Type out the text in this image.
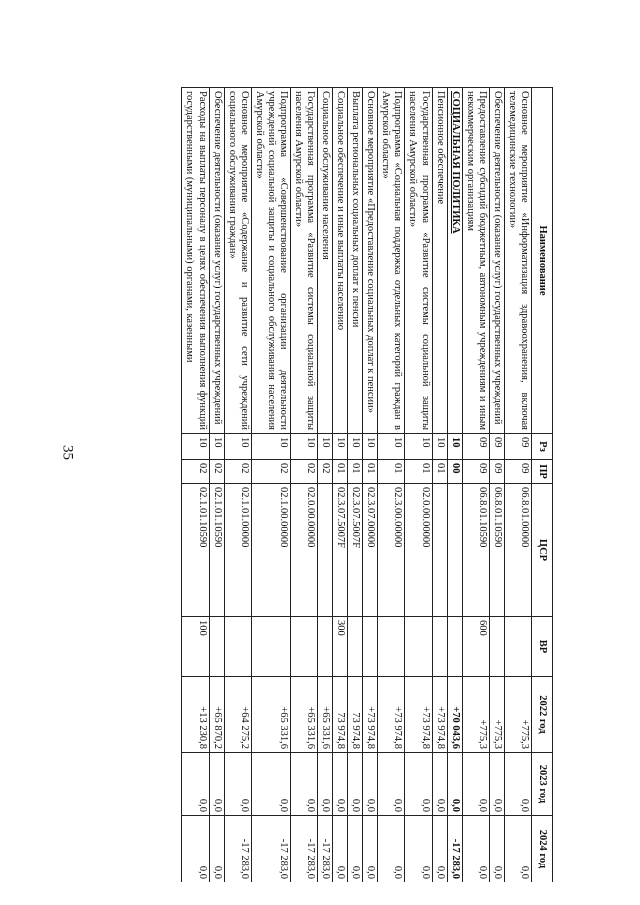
35
Наименование	Рз	ПР	ЦСР	ВР	2022 год	2023 год	2024 год
Основное мероприятие «Информатизация здравоохранения, включая телемедицинские технологии»	09	09	06.8.01.00000		+775,3	0,0	0,0
Обеспечение деятельности (оказание услуг) государственных учреждений	09	09	06.8.01.10590		+775,3	0,0	0,0
Предоставление субсидий бюджетным, автономным учреждениям и иным некоммерческим организациям	09	09	06.8.01.10590	600	+775,3	0,0	0,0
СОЦИАЛЬНАЯ ПОЛИТИКА	10	00			+70 043,6	0,0	-17 283,0
Пенсионное обеспечение	10	01			+73 974,8	0,0	0,0
Государственная программа «Развитие системы социальной защиты населения Амурской области»	10	01	02.0.00.00000		+73 974,8	0,0	0,0
Подпрограмма «Социальная поддержка отдельных категорий граждан в Амурской области»	10	01	02.3.00.00000		+73 974,8	0,0	0,0
Основное мероприятие «Предоставление социальных доплат к пенсии»	10	01	02.3.07.00000		+73 974,8	0,0	0,0
Выплата региональных социальных доплат к пенсии	10	01	02.3.07.5007F		73 974,8	0,0	0,0
Социальное обеспечение и иные выплаты населению	10	01	02.3.07.5007F	300	73 974,8	0,0	0,0
Социальное обслуживание населения	10	02			+65 331,6	0,0	-17 283,0
Государственная программа «Развитие системы социальной защиты населения Амурской области»	10	02	02.0.00.00000		+65 331,6	0,0	-17 283,0
Подпрограмма «Совершенствование организации деятельности учреждений социальной защиты и социального обслуживания населения Амурской области»	10	02	02.1.00.00000		+65 331,6	0,0	-17 283,0
Основное мероприятие «Содержание и развитие сети учреждений социального обслуживания граждан»	10	02	02.1.01.00000		+64 275,2	0,0	-17 283,0
Обеспечение деятельности (оказание услуг) государственных учреждений	10	02	02.1.01.10590		+65 870,2	0,0	0,0
Расходы на выплаты персоналу в целях обеспечения выполнения функций государственными (муниципальными) органами, казенными	10	02	02.1.01.10590	100	+13 230,8	0,0	0,0
